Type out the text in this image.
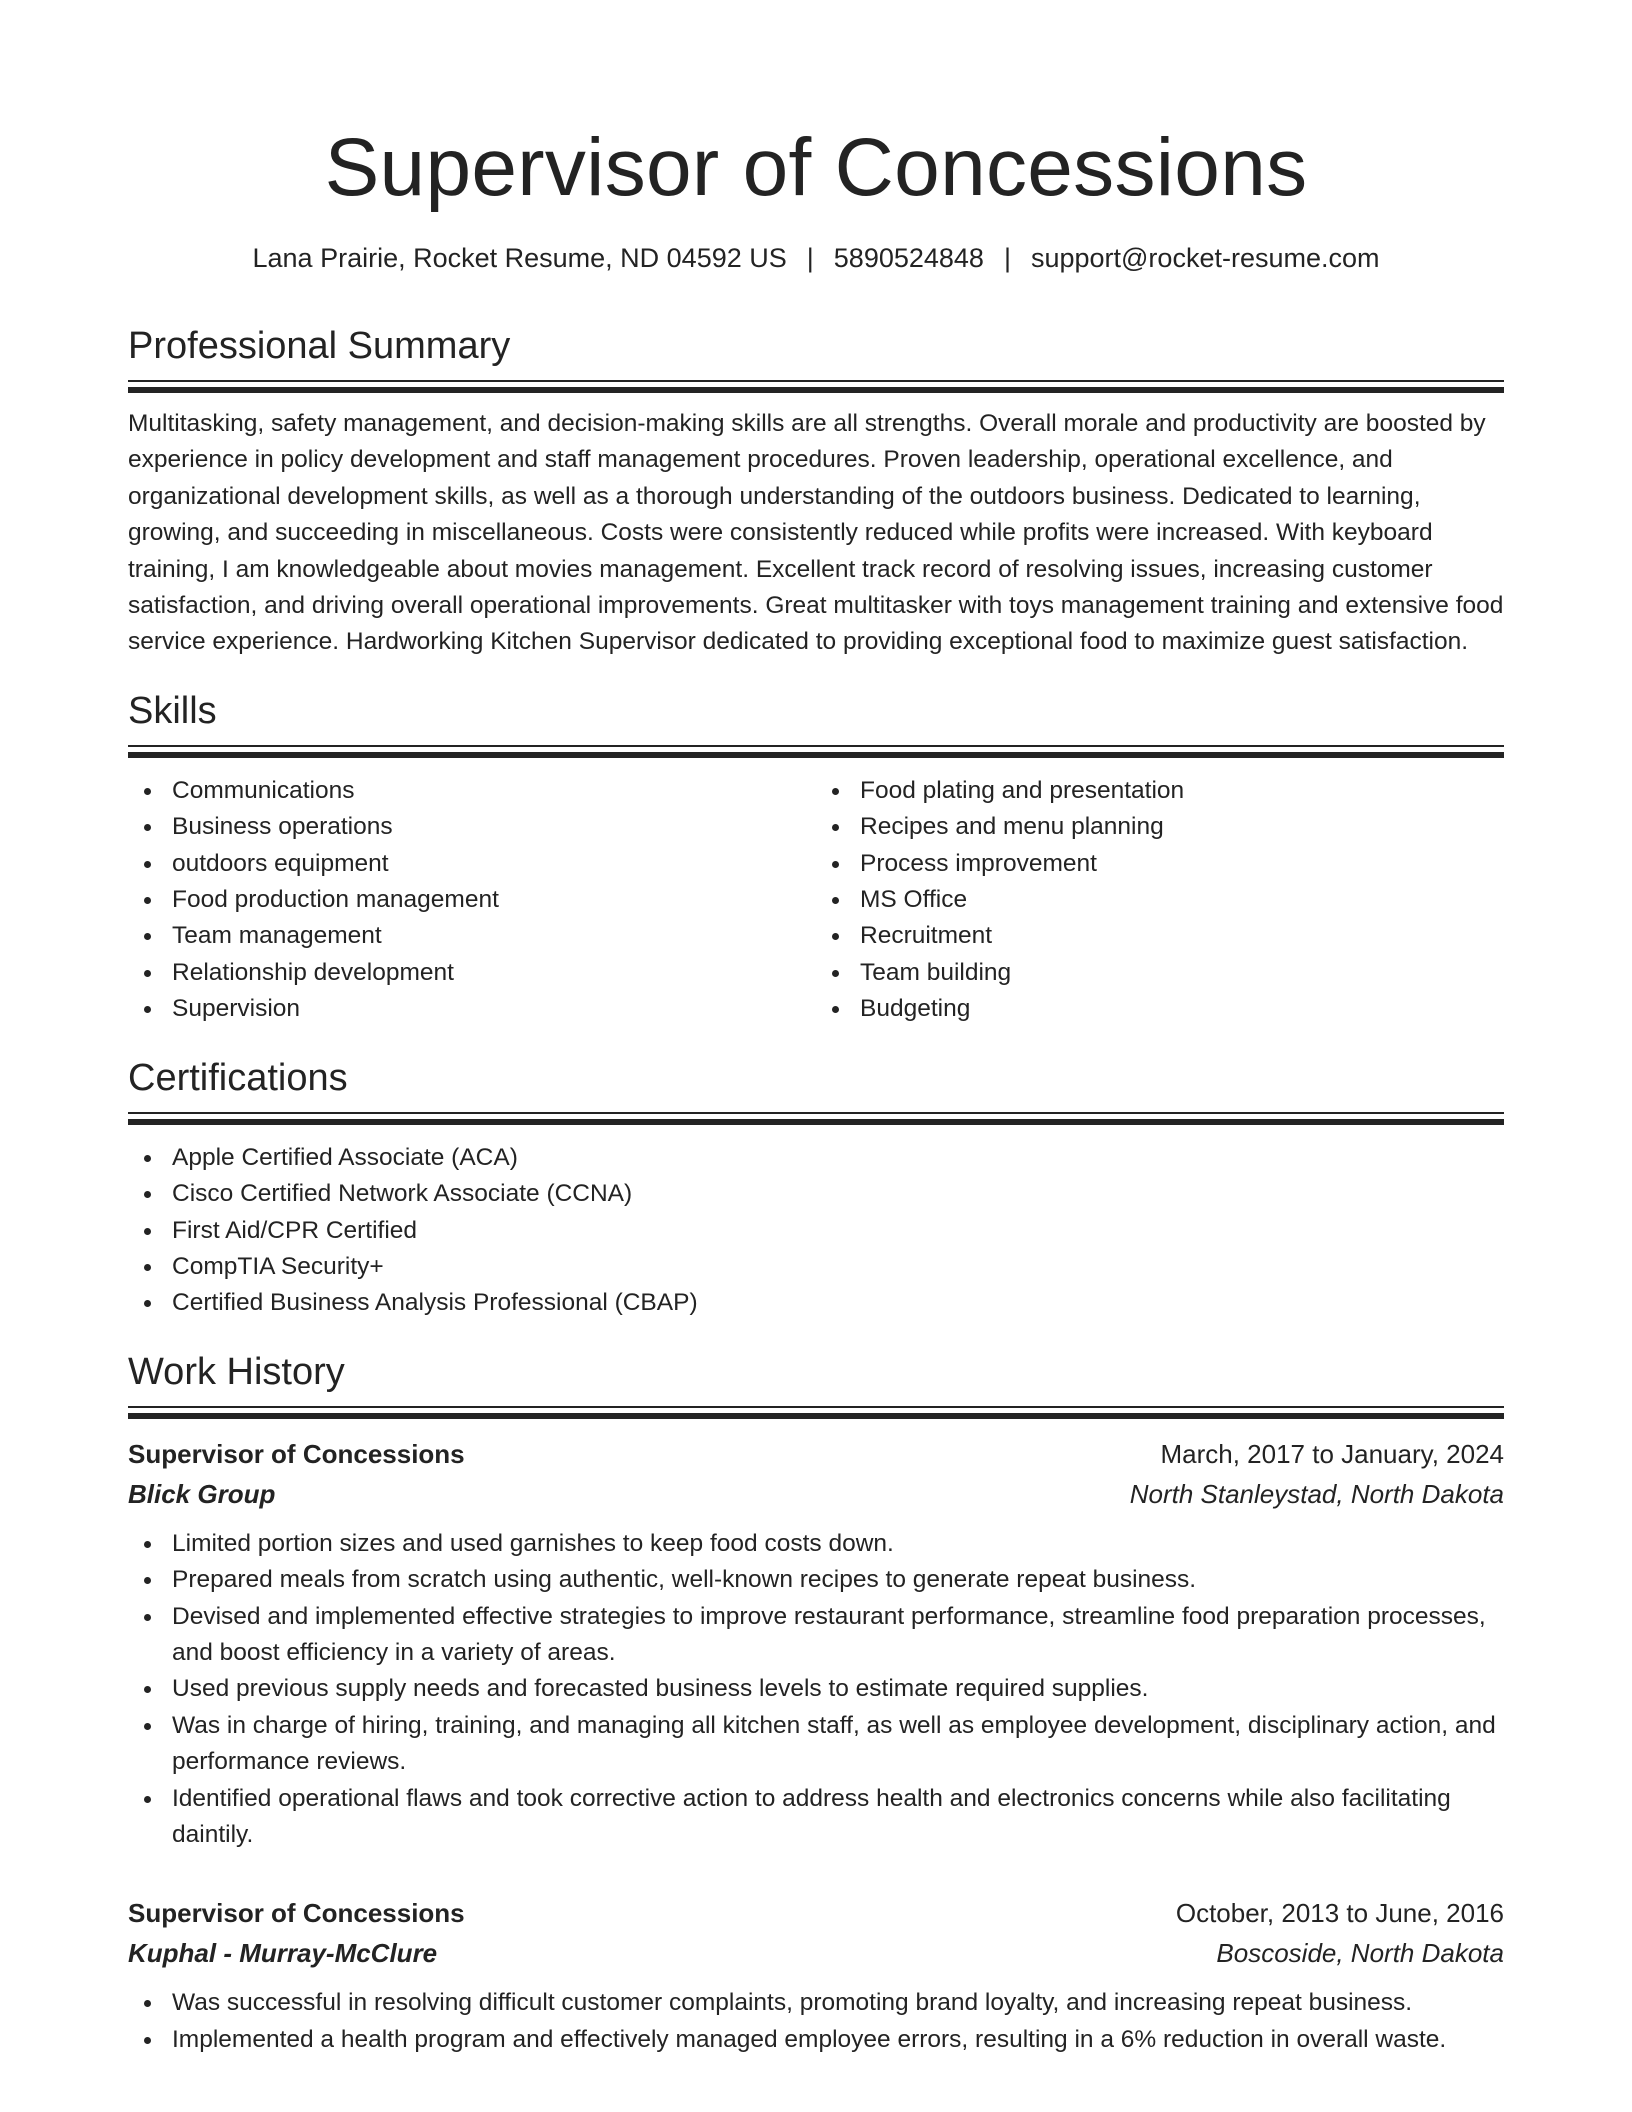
Supervisor of Concessions
Lana Prairie, Rocket Resume, ND 04592 US | 5890524848 | support@rocket-resume.com
Professional Summary
Multitasking, safety management, and decision-making skills are all strengths. Overall morale and productivity are boosted by experience in policy development and staff management procedures. Proven leadership, operational excellence, and organizational development skills, as well as a thorough understanding of the outdoors business. Dedicated to learning, growing, and succeeding in miscellaneous. Costs were consistently reduced while profits were increased. With keyboard training, I am knowledgeable about movies management. Excellent track record of resolving issues, increasing customer satisfaction, and driving overall operational improvements. Great multitasker with toys management training and extensive food service experience. Hardworking Kitchen Supervisor dedicated to providing exceptional food to maximize guest satisfaction.
Skills
Communications
Business operations
outdoors equipment
Food production management
Team management
Relationship development
Supervision
Food plating and presentation
Recipes and menu planning
Process improvement
MS Office
Recruitment
Team building
Budgeting
Certifications
Apple Certified Associate (ACA)
Cisco Certified Network Associate (CCNA)
First Aid/CPR Certified
CompTIA Security+
Certified Business Analysis Professional (CBAP)
Work History
Supervisor of Concessions	March, 2017 to January, 2024
Blick Group	North Stanleystad, North Dakota
Limited portion sizes and used garnishes to keep food costs down.
Prepared meals from scratch using authentic, well-known recipes to generate repeat business.
Devised and implemented effective strategies to improve restaurant performance, streamline food preparation processes, and boost efficiency in a variety of areas.
Used previous supply needs and forecasted business levels to estimate required supplies.
Was in charge of hiring, training, and managing all kitchen staff, as well as employee development, disciplinary action, and performance reviews.
Identified operational flaws and took corrective action to address health and electronics concerns while also facilitating daintily.
Supervisor of Concessions	October, 2013 to June, 2016
Kuphal - Murray-McClure	Boscoside, North Dakota
Was successful in resolving difficult customer complaints, promoting brand loyalty, and increasing repeat business.
Implemented a health program and effectively managed employee errors, resulting in a 6% reduction in overall waste.
